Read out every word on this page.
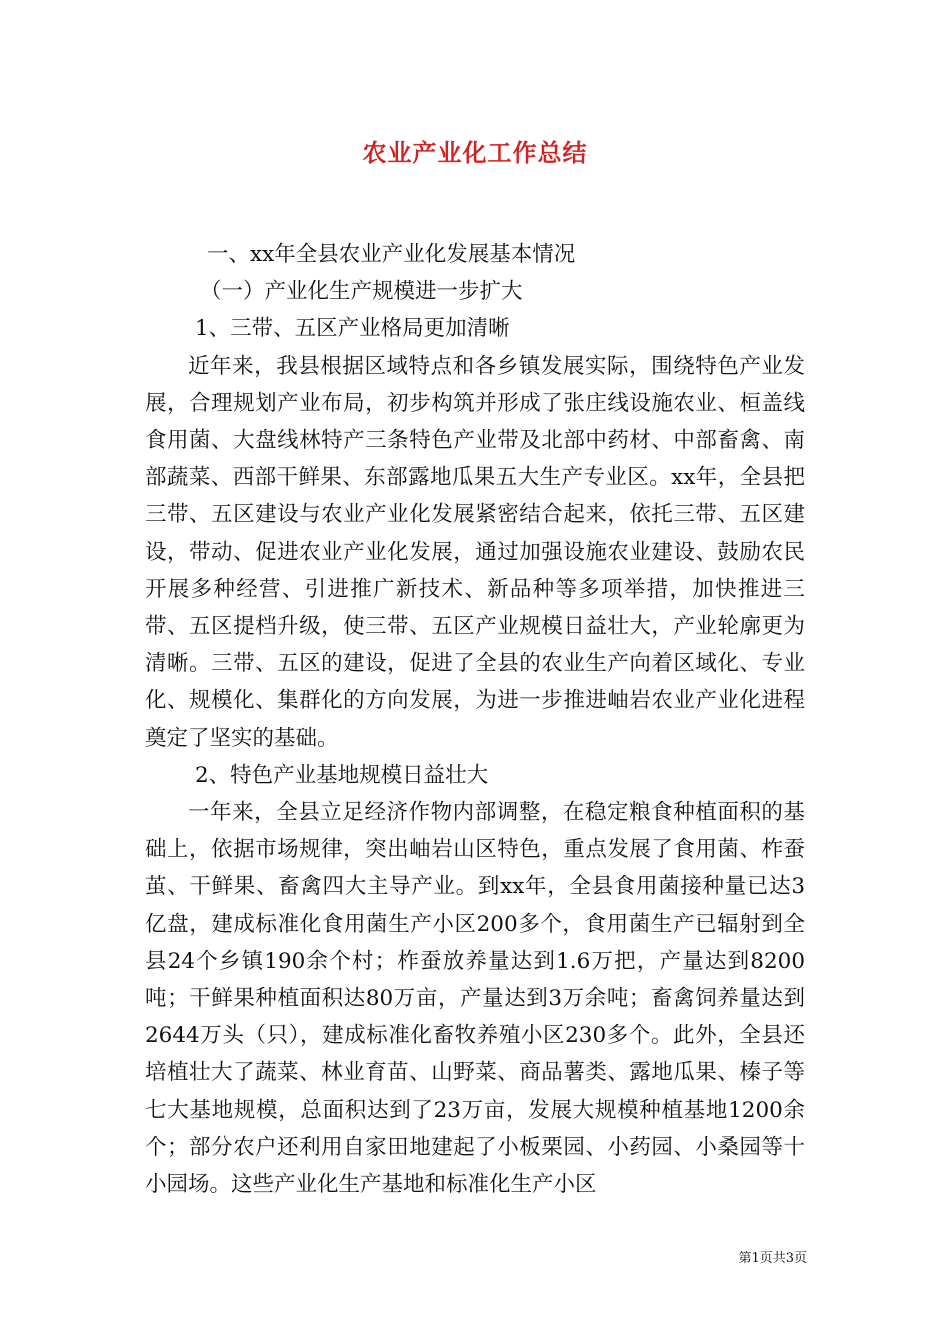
农业产业化工作总结
一、xx年全县农业产业化发展基本情况
（一）产业化生产规模进一步扩大
1、三带、五区产业格局更加清晰
近年来，我县根据区域特点和各乡镇发展实际，围绕特色产业发展，合理规划产业布局，初步构筑并形成了张庄线设施农业、桓盖线食用菌、大盘线林特产三条特色产业带及北部中药材、中部畜禽、南部蔬菜、西部干鲜果、东部露地瓜果五大生产专业区。xx年，全县把三带、五区建设与农业产业化发展紧密结合起来，依托三带、五区建设，带动、促进农业产业化发展，通过加强设施农业建设、鼓励农民开展多种经营、引进推广新技术、新品种等多项举措，加快推进三带、五区提档升级，使三带、五区产业规模日益壮大，产业轮廓更为清晰。三带、五区的建设，促进了全县的农业生产向着区域化、专业化、规模化、集群化的方向发展，为进一步推进岫岩农业产业化进程奠定了坚实的基础。
2、特色产业基地规模日益壮大
一年来，全县立足经济作物内部调整，在稳定粮食种植面积的基础上，依据市场规律，突出岫岩山区特色，重点发展了食用菌、柞蚕茧、干鲜果、畜禽四大主导产业。到xx年，全县食用菌接种量已达3亿盘，建成标准化食用菌生产小区200多个，食用菌生产已辐射到全县24个乡镇190余个村；柞蚕放养量达到1.6万把，产量达到8200吨；干鲜果种植面积达80万亩，产量达到3万余吨；畜禽饲养量达到2644万头（只），建成标准化畜牧养殖小区230多个。此外，全县还培植壮大了蔬菜、林业育苗、山野菜、商品薯类、露地瓜果、榛子等七大基地规模，总面积达到了23万亩，发展大规模种植基地1200余个；部分农户还利用自家田地建起了小板栗园、小药园、小桑园等十小园场。这些产业化生产基地和标准化生产小区
第1页共3页
